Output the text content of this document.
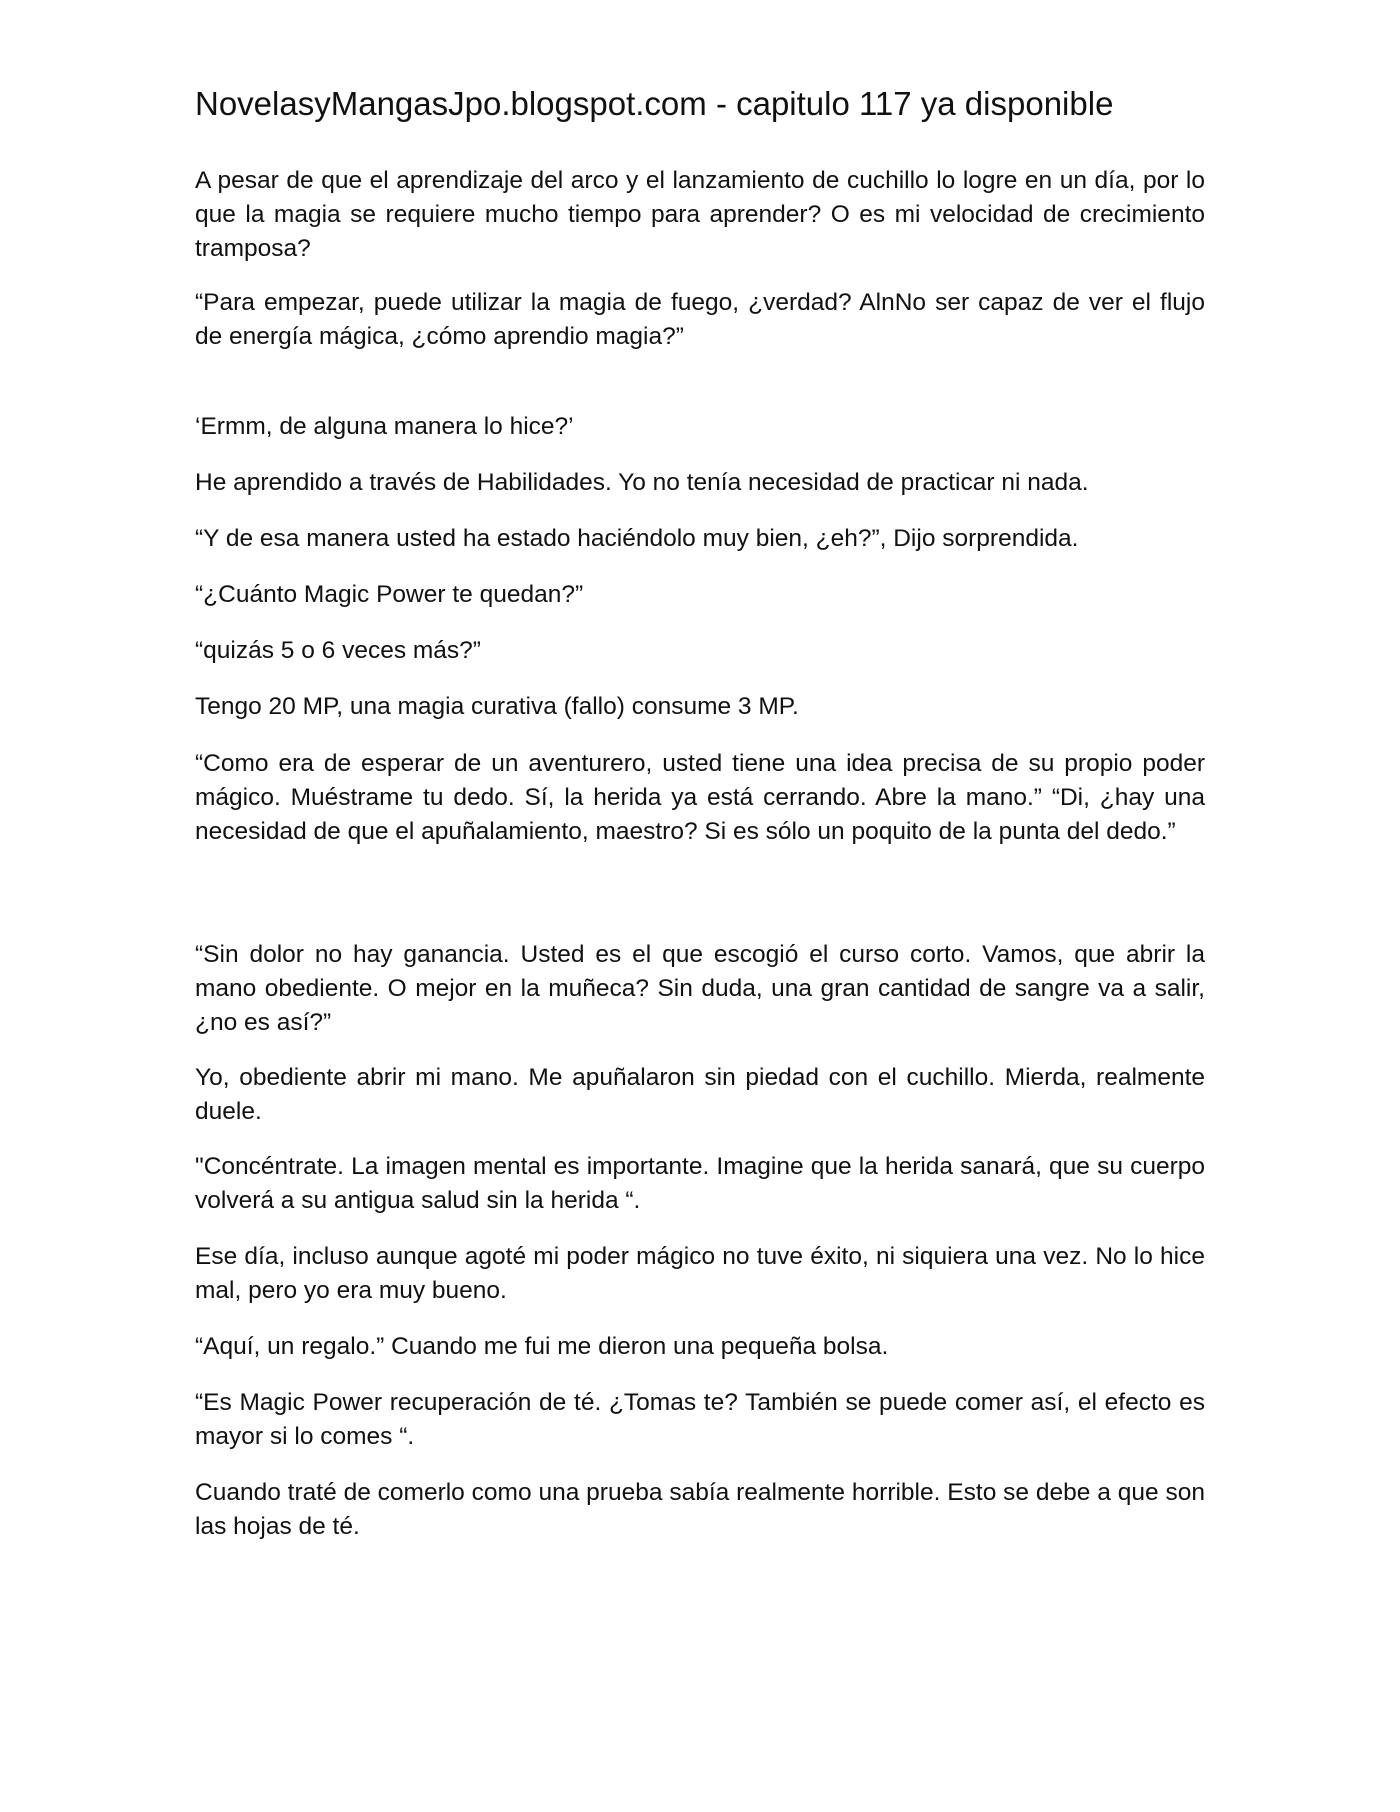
NovelasyMangasJpo.blogspot.com - capitulo 117 ya disponible

A pesar de que el aprendizaje del arco y el lanzamiento de cuchillo lo logre en un día, por lo que la magia se requiere mucho tiempo para aprender? O es mi velocidad de crecimiento tramposa?

“Para empezar, puede utilizar la magia de fuego, ¿verdad? AlnNo ser capaz de ver el flujo de energía mágica, ¿cómo aprendio magia?”

‘Ermm, de alguna manera lo hice?’

He aprendido a través de Habilidades. Yo no tenía necesidad de practicar ni nada.

“Y de esa manera usted ha estado haciéndolo muy bien, ¿eh?”, Dijo sorprendida.

“¿Cuánto Magic Power te quedan?”

“quizás 5 o 6 veces más?”

Tengo 20 MP, una magia curativa (fallo) consume 3 MP.

“Como era de esperar de un aventurero, usted tiene una idea precisa de su propio poder mágico. Muéstrame tu dedo. Sí, la herida ya está cerrando. Abre la mano.” “Di, ¿hay una necesidad de que el apuñalamiento, maestro? Si es sólo un poquito de la punta del dedo.”

“Sin dolor no hay ganancia. Usted es el que escogió el curso corto. Vamos, que abrir la mano obediente. O mejor en la muñeca? Sin duda, una gran cantidad de sangre va a salir, ¿no es así?”

Yo, obediente abrir mi mano. Me apuñalaron sin piedad con el cuchillo. Mierda, realmente duele.

"Concéntrate. La imagen mental es importante. Imagine que la herida sanará, que su cuerpo volverá a su antigua salud sin la herida “.

Ese día, incluso aunque agoté mi poder mágico no tuve éxito, ni siquiera una vez. No lo hice mal, pero yo era muy bueno.

“Aquí, un regalo.” Cuando me fui me dieron una pequeña bolsa.

“Es Magic Power recuperación de té. ¿Tomas te? También se puede comer así, el efecto es mayor si lo comes “.

Cuando traté de comerlo como una prueba sabía realmente horrible. Esto se debe a que son las hojas de té.
